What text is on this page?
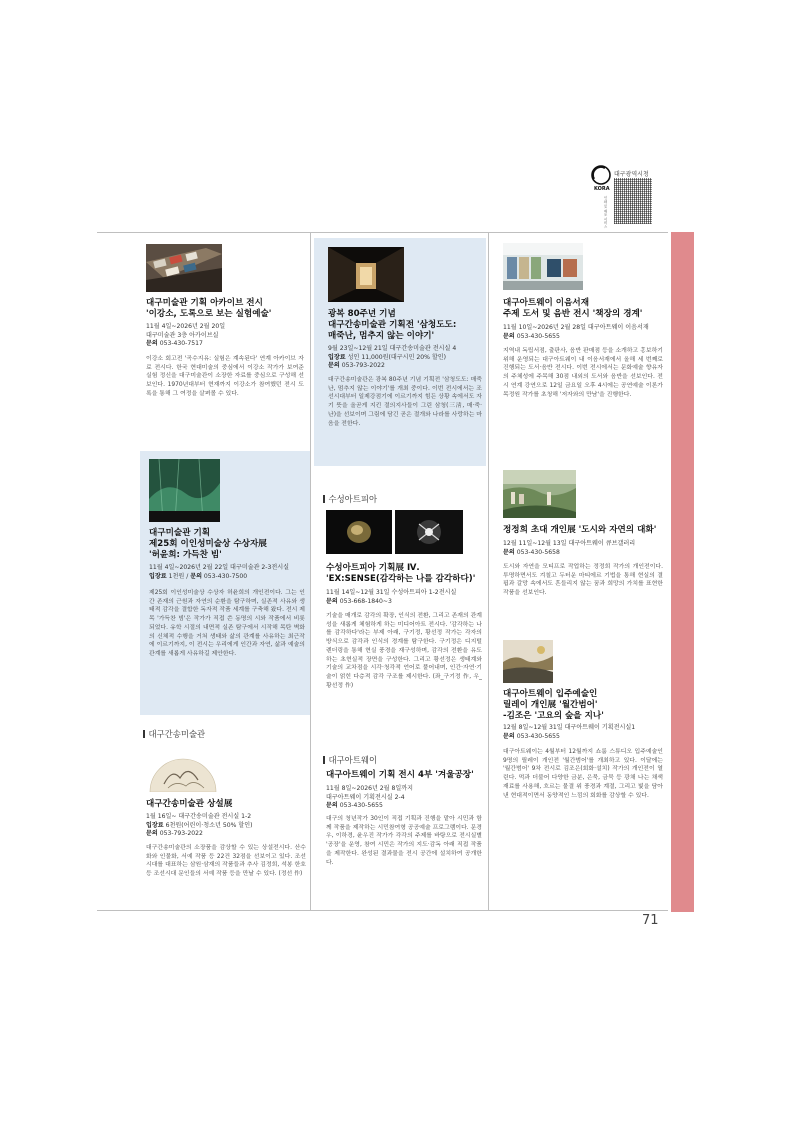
KORA
대구광역시청
인쇄 및 배포 서비스
대구미술관 기획 아카이브 전시
'이강소, 도록으로 보는 실험예술'
11월 4일~2026년 2월 20일
대구미술관 3층 아카이브실
문의 053-430-7517

이강소 회고전 '곡수지유: 실험은 계속된다' 연계 아카이브 자료 전시다. 한국 현대미술의 중심에서 이강소 작가가 보여준 실험 정신을 대구미술관이 소장한 자료를 중심으로 구성해 선보인다. 1970년대부터 현재까지 이강소가 참여했던 전시 도록을 통해 그 여정을 살펴볼 수 있다.

대구미술관 기획
제25회 이인성미술상 수상자展
'허윤희: 가득찬 빔'
11월 4일~2026년 2월 22일 대구미술관 2-3전시실
입장료 1천원 / 문의 053-430-7500

제25회 이인성미술상 수상자 허윤희의 개인전이다. 그는 인간 존재의 근원과 자연의 순환을 탐구하며, 실존적 사유와 생태적 감각을 결합한 독자적 작품 세계를 구축해 왔다. 전시 제목 '가득찬 빔'은 작가가 직접 쓴 동명의 시와 작품에서 비롯되었다. 유학 시절의 내면적 실존 탐구에서 시작해 목탄 벽화의 신체적 수행을 거쳐 생태와 삶의 관계를 사유하는 최근작에 이르기까지, 이 전시는 우리에게 인간과 자연, 삶과 예술의 관계를 새롭게 사유하길 제안한다.

대구간송미술관
대구간송미술관 상설展
1월 16일~ 대구간송미술관 전시실 1-2
입장료 6천원(어린이·청소년 50% 할인)
문의 053-793-2022

대구간송미술관의 소장품을 감상할 수 있는 상설전시다. 산수화와 인물화, 서예 작품 등 22건 32점을 선보이고 있다. 조선시대를 대표하는 삼원·삼재의 작품들과 추사 김정희, 석봉 한호 등 조선시대 문인들의 서예 작품 등을 만날 수 있다. (정선 作)

광복 80주년 기념
대구간송미술관 기획전 '삼청도도:
매죽난, 멈추지 않는 이야기'
9월 23일~12월 21일 대구간송미술관 전시실 4
입장료 성인 11,000원(대구시민 20% 할인)
문의 053-793-2022

대구간송미술관은 광복 80주년 기념 기획전 '삼청도도: 매죽난, 멈추지 않는 이야기'를 개최 중이다. 이번 전시에서는 조선시대부터 일제강점기에 이르기까지 힘든 상황 속에서도 자기 뜻을 올곧게 지킨 절의지사들이 그린 삼청(三淸, 매·죽·난)을 선보이며 그림에 담긴 곧은 절개와 나라를 사랑하는 마음을 전한다.

수성아트피아
수성아트피아 기획展 Ⅳ.
'EX:SENSE(감각하는 나를 감각하다)'
11월 14일~12월 31일 수성아트피아 1-2전시실
문의 053-668-1840~3

기술을 매개로 감각의 확장, 인식의 전환, 그리고 존재의 관계성을 새롭게 체험하게 하는 미디어아트 전시다. '감각하는 나를 감각하다'라는 부제 아래, 구기정, 황선정 작가는 각자의 방식으로 감각과 인식의 경계를 탐구한다. 구기정은 디지털 렌더링을 통해 현실 풍경을 재구성하며, 감각의 전환을 유도하는 초현실적 장면을 구성한다. 그리고 황선정은 생태계와 기술의 교차점을 시각·청각적 언어로 풀어내며, 인간·자연·기술이 얽힌 다층적 감각 구조를 제시한다. (좌_구기정 作, 우_황선정 作)

대구아트웨이
대구아트웨이 기획 전시 4부 '겨울공장'
11월 8일~2026년 2월 8일까지
대구아트웨이 기획전시실 2-4
문의 053-430-5655

대구의 청년작가 30인이 직접 기획과 진행을 맡아 시민과 함께 작품을 제작하는 시민참여형 공공예술 프로그램이다. 문경우, 이하경, 윤우진 작가가 각각의 주제를 바탕으로 전시실별 '공장'을 운영, 참여 시민은 작가의 지도·감독 아래 직접 작품을 제작한다. 완성된 결과물을 전시 공간에 설치하여 공개한다.

대구아트웨이 이음서재
주제 도서 및 음반 전시 '책장의 경계'
11월 10일~2026년 2월 28일 대구아트웨이 이음서재
문의 053-430-5655

지역내 독립서점, 출판사, 음반 판매점 등을 소개하고 홍보하기 위해 운영되는 대구아트웨이 내 이음서재에서 올해 세 번째로 진행되는 도서·음반 전시다. 이번 전시에서는 문화예술 향유자의 주체성에 주목해 30점 내외의 도서와 음반을 선보인다. 전시 연계 강연으로 12일 금요일 오후 4시에는 공연예술 이론가 목정원 작가를 초청해 '저자와의 만남'을 진행한다.

정정희 초대 개인展 '도시와 자연의 대화'
12월 11일~12월 13일 대구아트웨이 큐브갤러리
문의 053-430-5658

도시와 자연을 모티프로 작업하는 정정희 작가의 개인전이다. 투명하면서도 겨칠고 두터운 마티에르 기법을 통해 현실의 결핍과 갈망 속에서도 흔들리지 않는 꿈과 희망의 가치를 표현한 작품을 선보인다.

대구아트웨이 입주예술인
릴레이 개인展 '월간범어'
-김조은 '고요의 숲을 지나'
12월 8일~12월 31일 대구아트웨이 기획전시실1
문의 053-430-5655

대구아트웨이는 4월부터 12월까지 쇼룸 스튜디오 입주예술인 9명의 릴레이 개인전 '월간범어'를 개최하고 있다. 이달에는 '월간범어' 9차 전시로 김조은(회화·설치) 작가의 개인전이 열린다. 먹과 더불어 다양한 금분, 은묵, 금묵 등 광채 나는 채색 재료를 사용해, 흐르는 물결 위 풍경과 계절, 그리고 빛을 담아낸 현대적이면서 동양적인 느낌의 회화를 감상할 수 있다.

71
